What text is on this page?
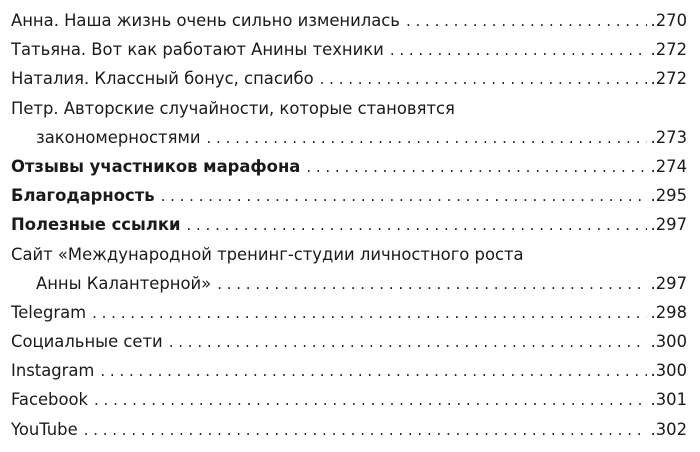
Анна. Наша жизнь очень сильно изменилась . . .	.270
Татьяна. Вот как работают Анины техники . . .	.272
Наталия. Классный бонус, спасибо . . .	.272
Петр. Авторские случайности, которые становятся
закономерностями . . .	.273
Отзывы участников марафона . . .	.274
Благодарность . . .	.295
Полезные ссылки . . .	.297
Сайт «Международной тренинг-студии личностного роста
Анны Калантерной» . . .	.297
Telegram . . .	.298
Социальные сети . . .	.300
Instagram . . .	.300
Facebook . . .	.301
YouTube . . .	.302
